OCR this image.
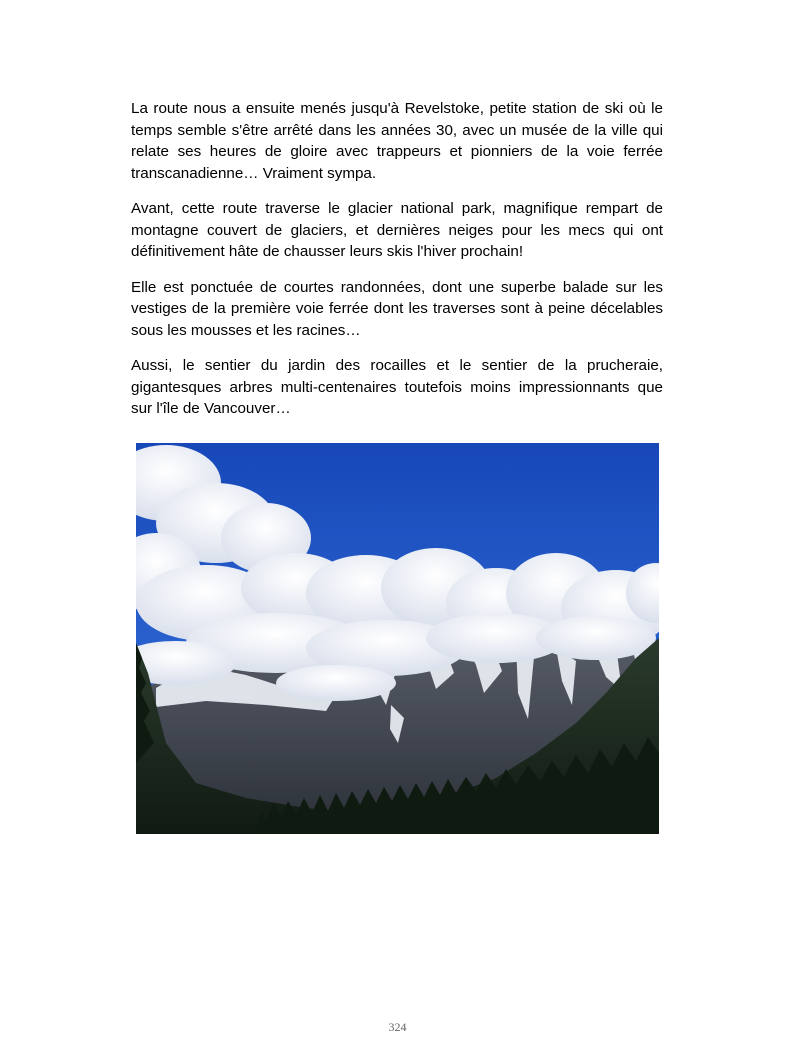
La route nous a ensuite menés jusqu'à Revelstoke, petite station de ski où le temps semble s'être arrêté dans les années 30, avec un musée de la ville qui relate ses heures de gloire avec trappeurs et pionniers de la voie ferrée transcanadienne… Vraiment sympa.

Avant, cette route traverse le glacier national park, magnifique rempart de montagne couvert de glaciers, et dernières neiges pour les mecs qui ont définitivement hâte de chausser leurs skis l'hiver prochain!

Elle est ponctuée de courtes randonnées, dont une superbe balade sur les vestiges de la première voie ferrée dont les traverses sont à peine décelables sous les mousses et les racines…

Aussi, le sentier du jardin des rocailles et le sentier de la prucheraie, gigantesques arbres multi-centenaires toutefois moins impressionnants que sur l'île de Vancouver…

324
